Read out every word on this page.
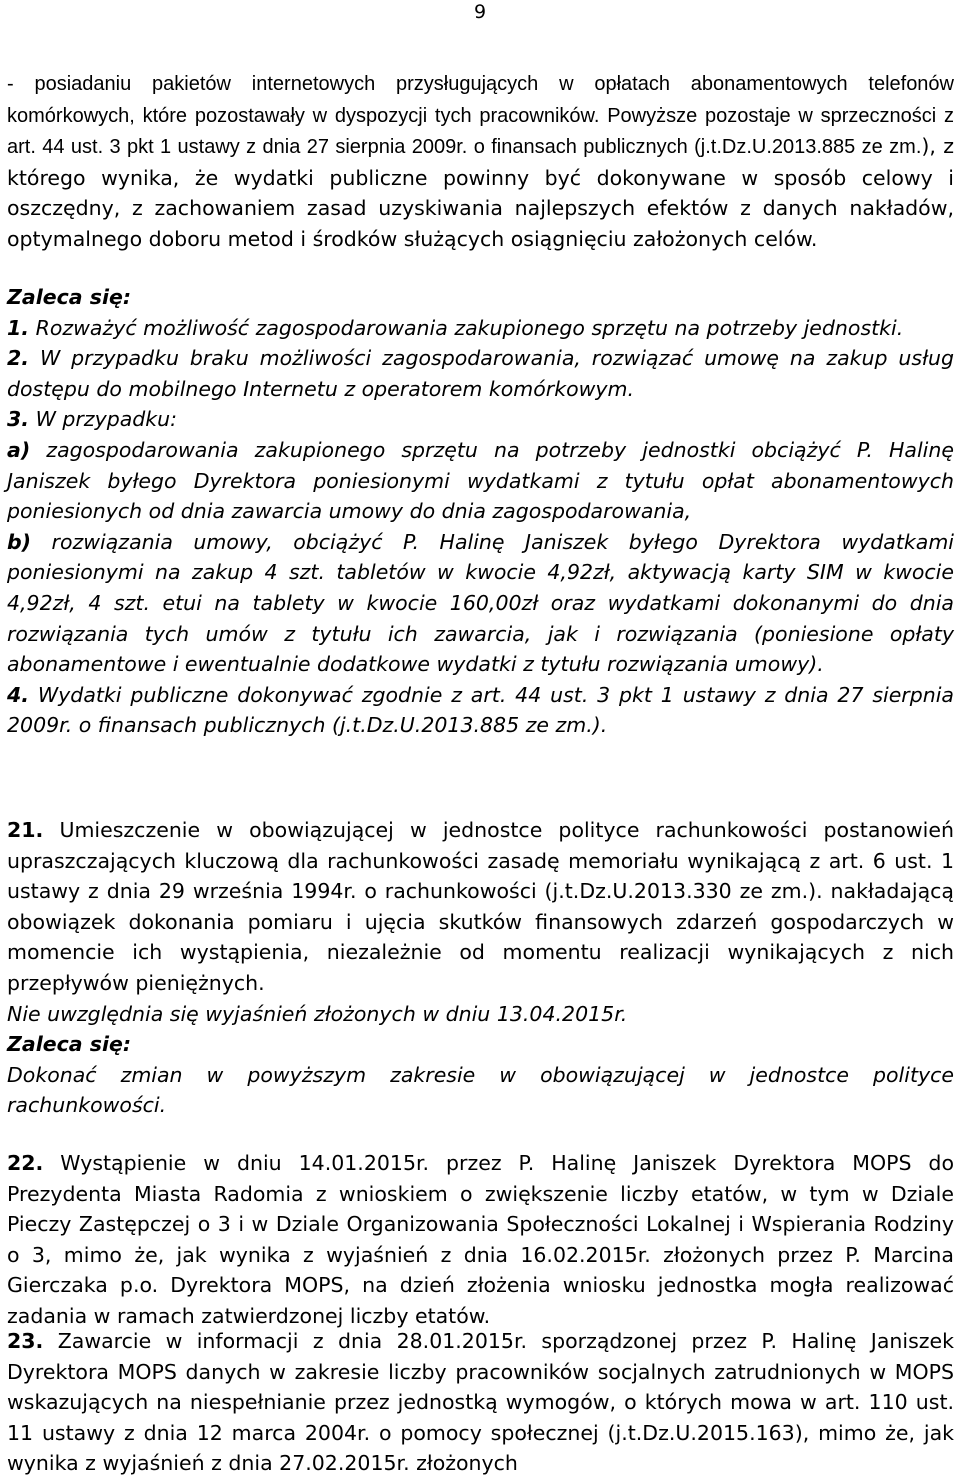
9

- posiadaniu pakietów internetowych przysługujących w opłatach abonamentowych telefonów komórkowych, które pozostawały w dyspozycji tych pracowników. Powyższe pozostaje w sprzeczności z art. 44 ust. 3 pkt 1 ustawy z dnia 27 sierpnia 2009r. o finansach publicznych (j.t.Dz.U.2013.885 ze zm.), z którego wynika, że wydatki publiczne powinny być dokonywane w sposób celowy i oszczędny, z zachowaniem zasad uzyskiwania najlepszych efektów z danych nakładów, optymalnego doboru metod i środków służących osiągnięciu założonych celów.

Zaleca się:
1. Rozważyć możliwość zagospodarowania zakupionego sprzętu na potrzeby jednostki.
2. W przypadku braku możliwości zagospodarowania, rozwiązać umowę na zakup usług dostępu do mobilnego Internetu z operatorem komórkowym.
3. W przypadku:
a) zagospodarowania zakupionego sprzętu na potrzeby jednostki obciążyć P. Halinę Janiszek byłego Dyrektora poniesionymi wydatkami z tytułu opłat abonamentowych poniesionych od dnia zawarcia umowy do dnia zagospodarowania,
b) rozwiązania umowy, obciążyć P. Halinę Janiszek byłego Dyrektora wydatkami poniesionymi na zakup 4 szt. tabletów w kwocie 4,92zł, aktywacją karty SIM w kwocie 4,92zł, 4 szt. etui na tablety w kwocie 160,00zł oraz wydatkami dokonanymi do dnia rozwiązania tych umów z tytułu ich zawarcia, jak i rozwiązania (poniesione opłaty abonamentowe i ewentualnie dodatkowe wydatki z tytułu rozwiązania umowy).
4. Wydatki publiczne dokonywać zgodnie z art. 44 ust. 3 pkt 1 ustawy z dnia 27 sierpnia 2009r. o finansach publicznych (j.t.Dz.U.2013.885 ze zm.).
21. Umieszczenie w obowiązującej w jednostce polityce rachunkowości postanowień upraszczających kluczową dla rachunkowości zasadę memoriału wynikającą z art. 6 ust. 1 ustawy z dnia 29 września 1994r. o rachunkowości (j.t.Dz.U.2013.330 ze zm.). nakładającą obowiązek dokonania pomiaru i ujęcia skutków finansowych zdarzeń gospodarczych w momencie ich wystąpienia, niezależnie od momentu realizacji wynikających z nich przepływów pieniężnych.
Nie uwzględnia się wyjaśnień złożonych w dniu 13.04.2015r.
Zaleca się:
Dokonać zmian w powyższym zakresie w obowiązującej w jednostce polityce rachunkowości.

22. Wystąpienie w dniu 14.01.2015r. przez P. Halinę Janiszek Dyrektora MOPS do Prezydenta Miasta Radomia z wnioskiem o zwiększenie liczby etatów, w tym w Dziale Pieczy Zastępczej o 3 i w Dziale Organizowania Społeczności Lokalnej i Wspierania Rodziny o 3, mimo że, jak wynika z wyjaśnień z dnia 16.02.2015r. złożonych przez P. Marcina Gierczaka p.o. Dyrektora MOPS, na dzień złożenia wniosku jednostka mogła realizować zadania w ramach zatwierdzonej liczby etatów.

23. Zawarcie w informacji z dnia 28.01.2015r. sporządzonej przez P. Halinę Janiszek Dyrektora MOPS danych w zakresie liczby pracowników socjalnych zatrudnionych w MOPS wskazujących na niespełnianie przez jednostką wymogów, o których mowa w art. 110 ust. 11 ustawy z dnia 12 marca 2004r. o pomocy społecznej (j.t.Dz.U.2015.163), mimo że, jak wynika z wyjaśnień z dnia 27.02.2015r. złożonych
